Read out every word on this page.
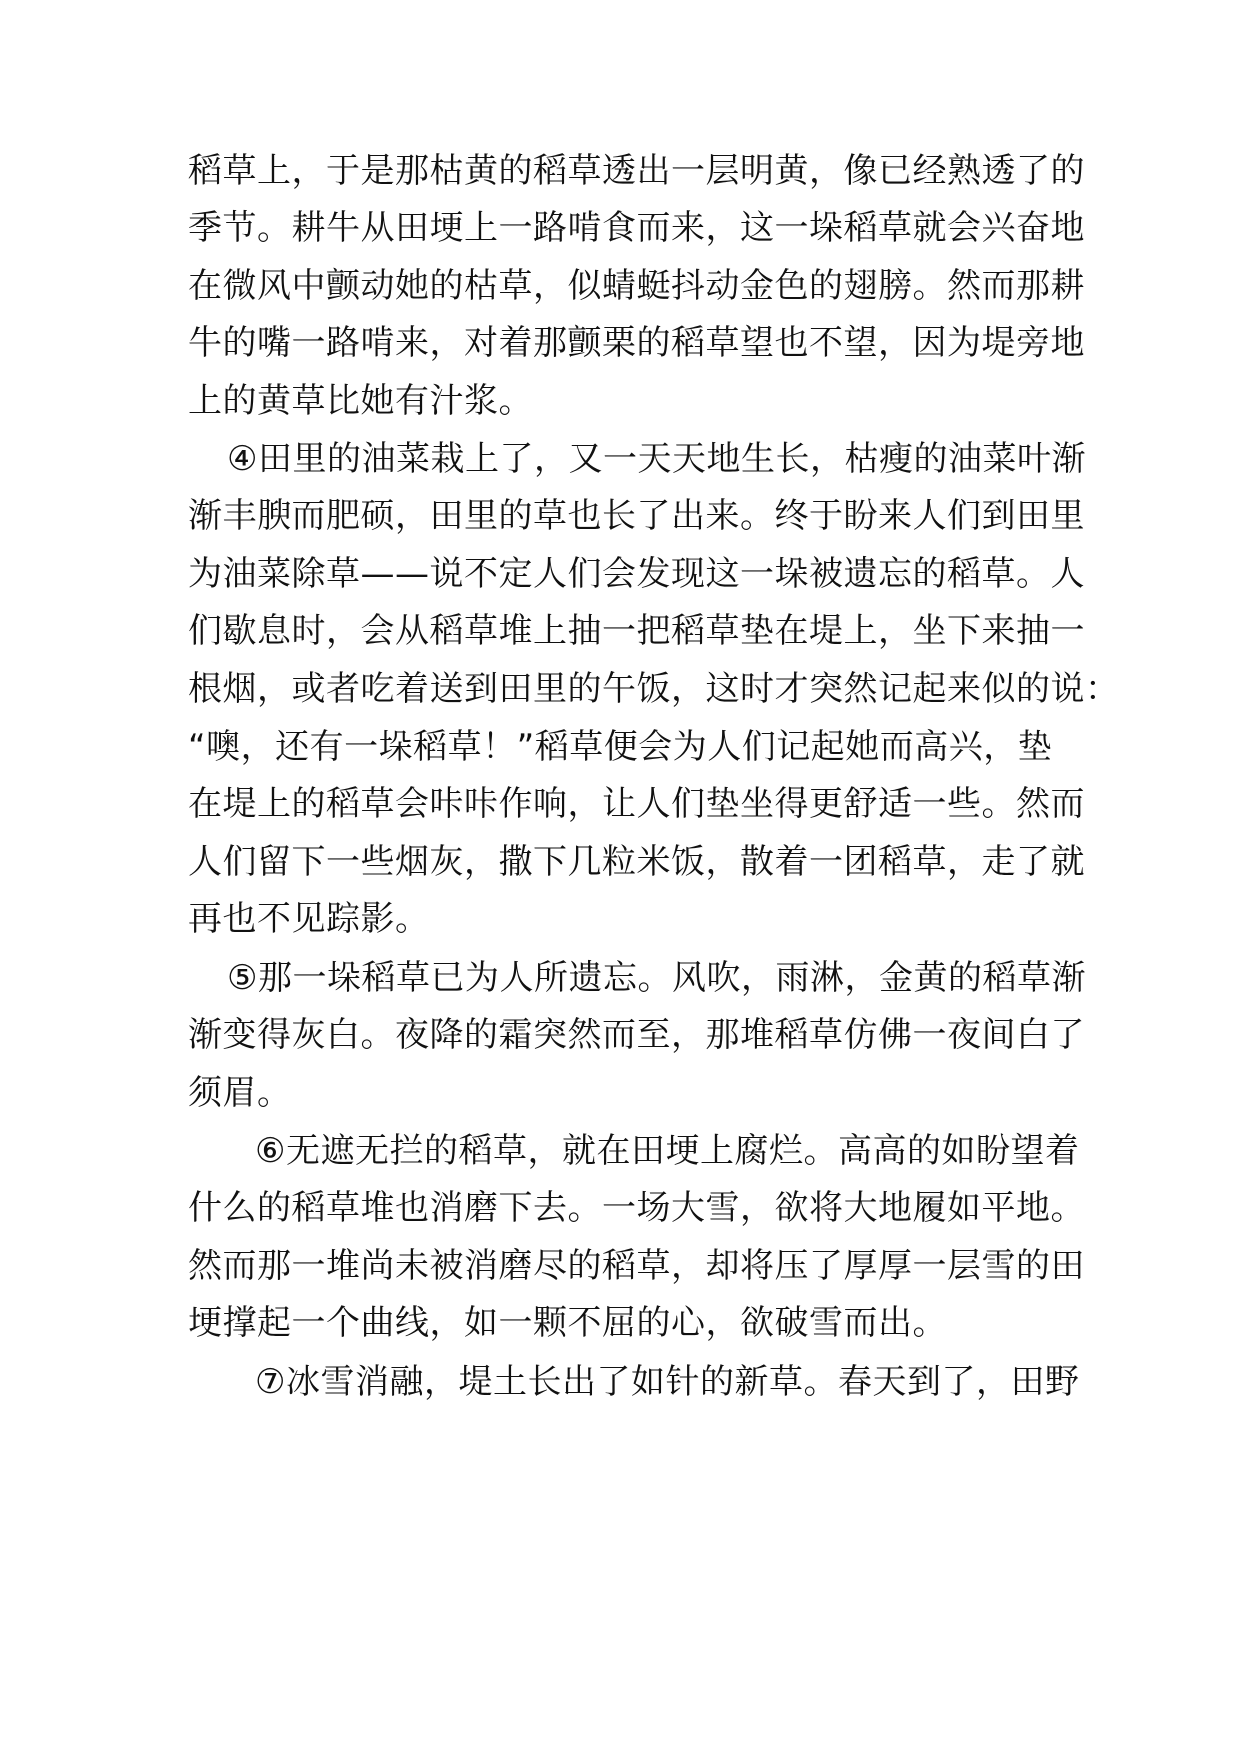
稻草上，于是那枯黄的稻草透出一层明黄，像已经熟透了的
季节。耕牛从田埂上一路啃食而来，这一垛稻草就会兴奋地
在微风中颤动她的枯草，似蜻蜓抖动金色的翅膀。然而那耕
牛的嘴一路啃来，对着那颤栗的稻草望也不望，因为堤旁地
上的黄草比她有汁浆。
④田里的油菜栽上了，又一天天地生长，枯瘦的油菜叶渐
渐丰腴而肥硕，田里的草也长了出来。终于盼来人们到田里
为油菜除草——说不定人们会发现这一垛被遗忘的稻草。人
们歇息时，会从稻草堆上抽一把稻草垫在堤上，坐下来抽一
根烟，或者吃着送到田里的午饭，这时才突然记起来似的说：
“噢，还有一垛稻草！”稻草便会为人们记起她而高兴，垫
在堤上的稻草会咔咔作响，让人们垫坐得更舒适一些。然而
人们留下一些烟灰，撒下几粒米饭，散着一团稻草，走了就
再也不见踪影。
⑤那一垛稻草已为人所遗忘。风吹，雨淋，金黄的稻草渐
渐变得灰白。夜降的霜突然而至，那堆稻草仿佛一夜间白了
须眉。
⑥无遮无拦的稻草，就在田埂上腐烂。高高的如盼望着
什么的稻草堆也消磨下去。一场大雪，欲将大地履如平地。
然而那一堆尚未被消磨尽的稻草，却将压了厚厚一层雪的田
埂撑起一个曲线，如一颗不屈的心，欲破雪而出。
⑦冰雪消融，堤土长出了如针的新草。春天到了，田野
